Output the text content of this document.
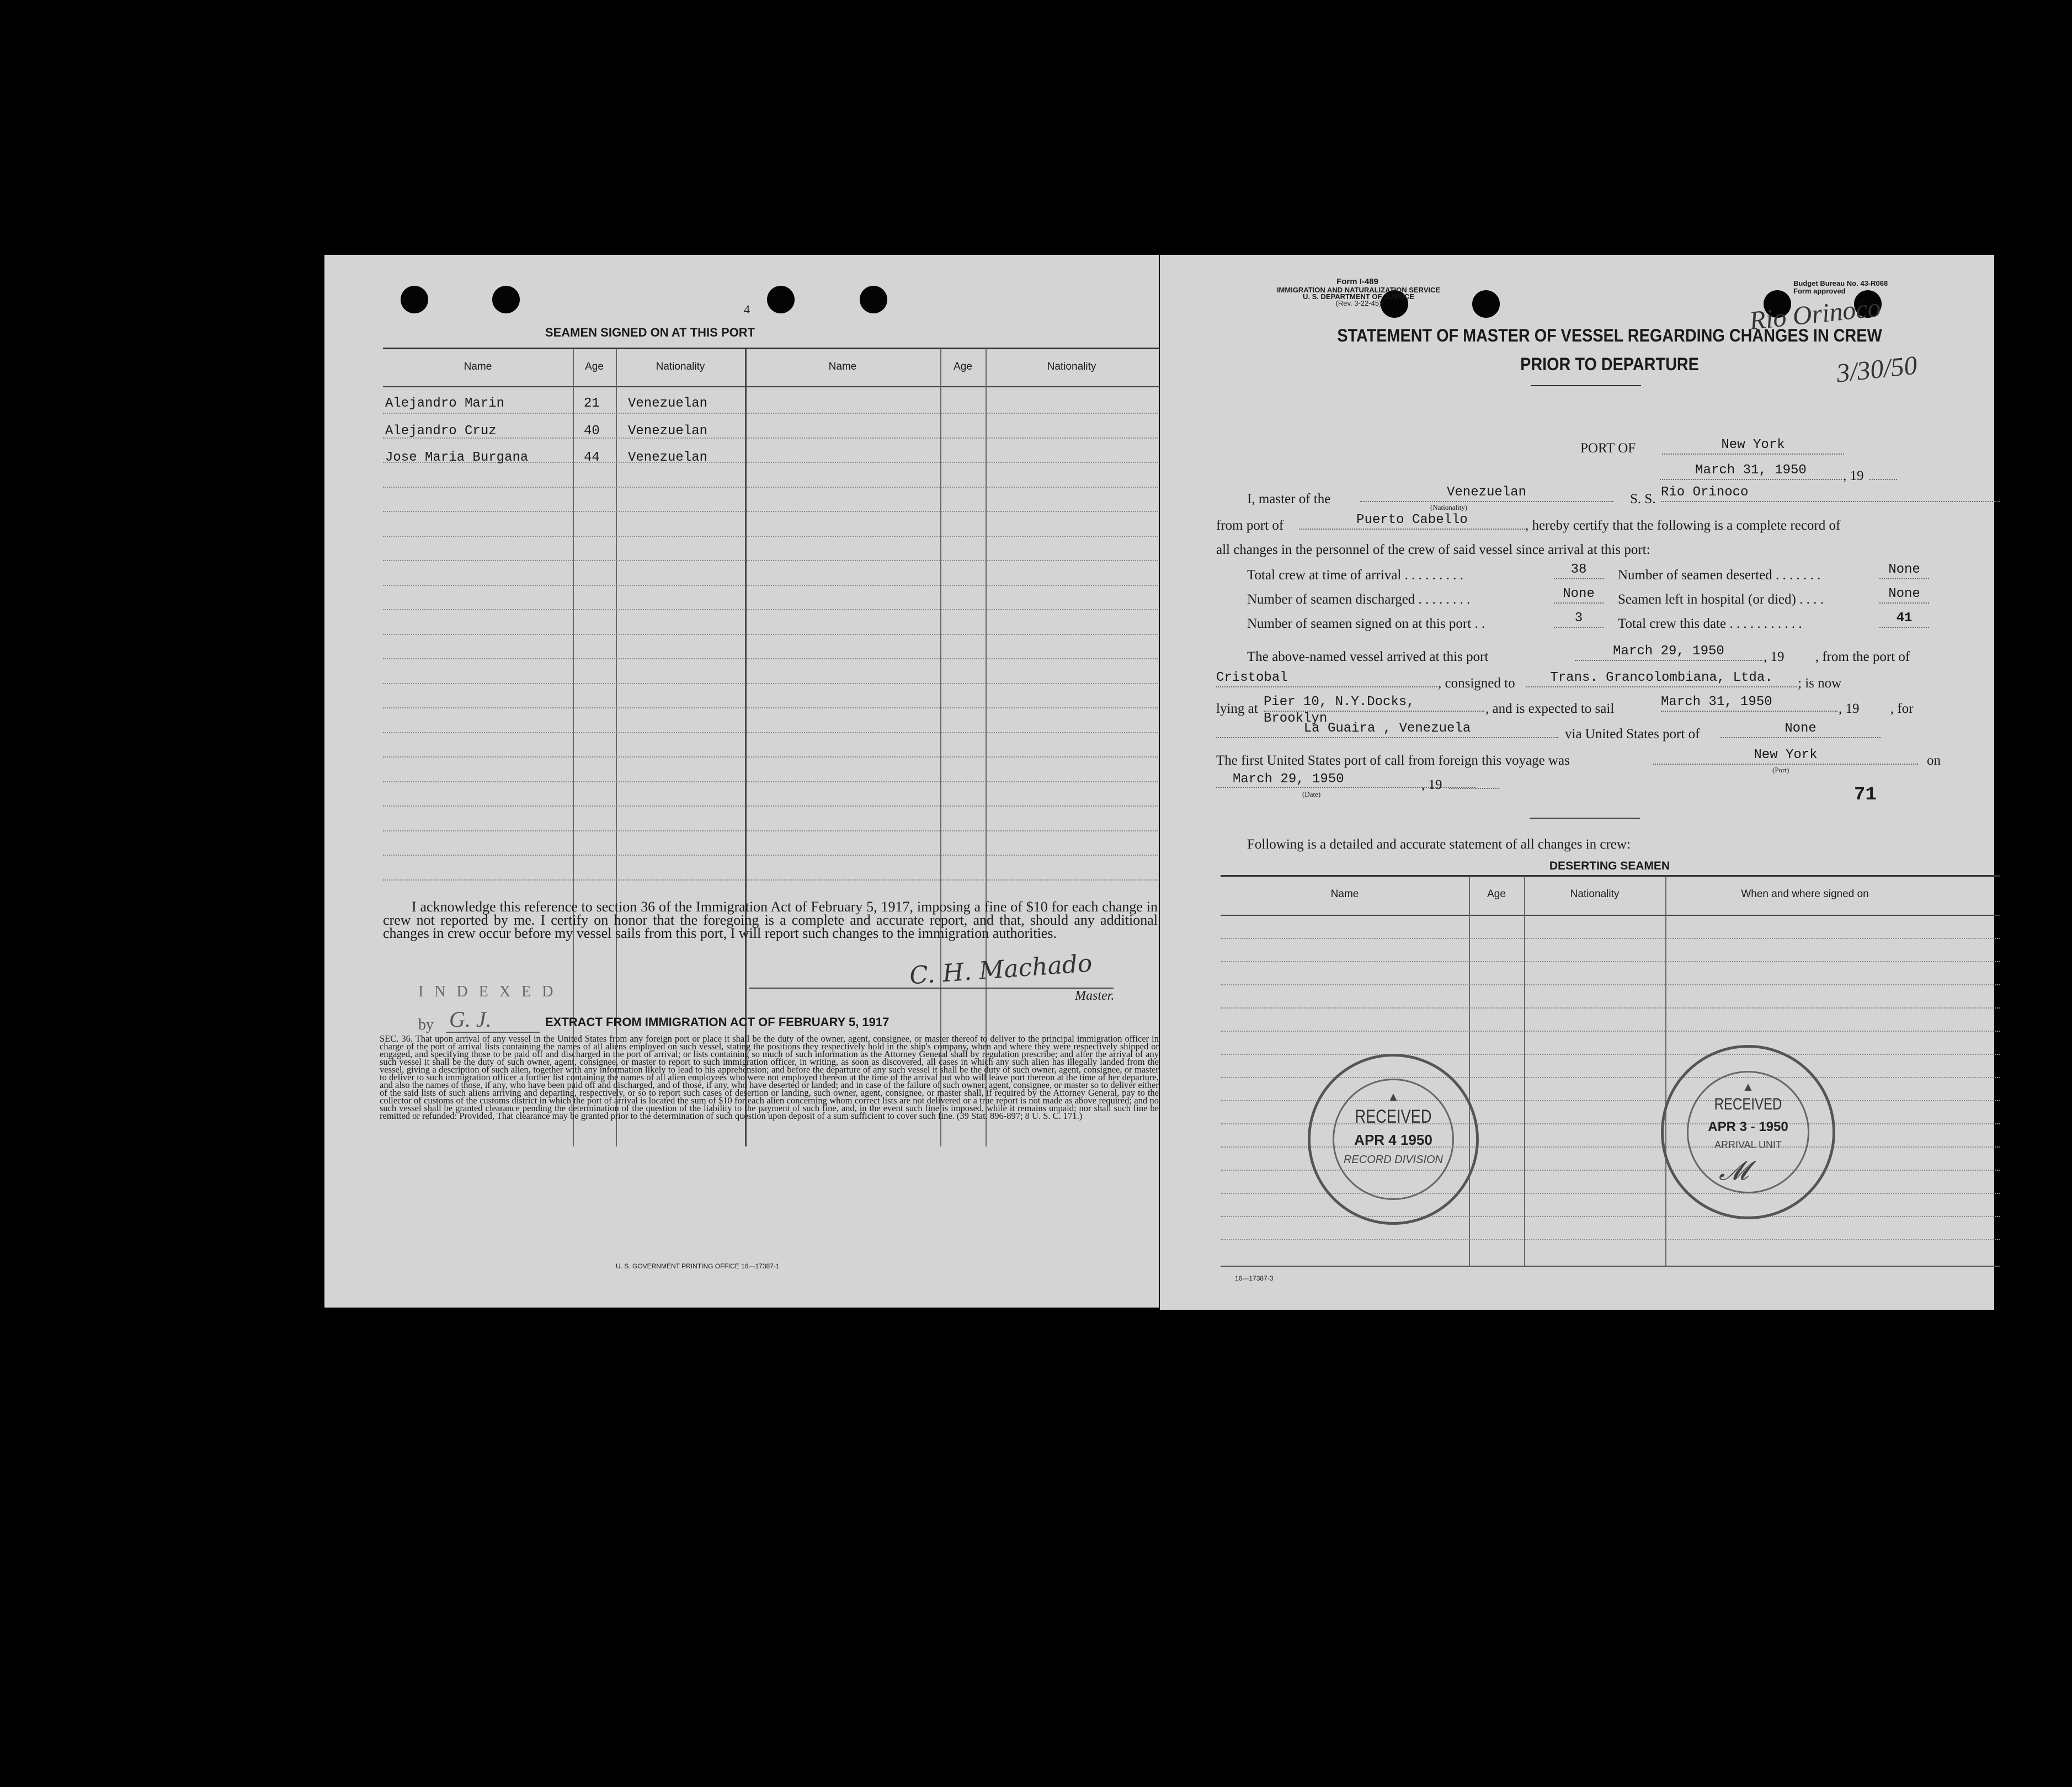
4
SEAMEN SIGNED ON AT THIS PORT
Name	Age	Nationality	Name	Age	Nationality
Alejandro Marin	21 Venezuelan
Alejandro Cruz	40 Venezuelan
Jose Maria Burgana	44 Venezuelan
I acknowledge this reference to section 36 of the Immigration Act of February 5, 1917, imposing a fine of $10 for each change in crew not reported by me. I certify on honor that the foregoing is a complete and accurate report, and that, should any additional changes in crew occur before my vessel sails from this port, I will report such changes to the immigration authorities.
C. H. Machado
Master.
INDEXED
by G. J.	EXTRACT FROM IMMIGRATION ACT OF FEBRUARY 5, 1917
SEC. 36. That upon arrival of any vessel in the United States from any foreign port or place it shall be the duty of the owner, agent, consignee, or master thereof to deliver to the principal immigration officer in charge of the port of arrival lists containing the names of all aliens employed on such vessel, stating the positions they respectively hold in the ship's company, when and where they were respectively shipped or engaged, and specifying those to be paid off and discharged in the port of arrival; or lists containing so much of such information as the Attorney General shall by regulation prescribe; and after the arrival of any such vessel it shall be the duty of such owner, agent, consignee, or master to report to such immigration officer, in writing, as soon as discovered, all cases in which any such alien has illegally landed from the vessel, giving a description of such alien, together with any information likely to lead to his apprehension; and before the departure of any such vessel it shall be the duty of such owner, agent, consignee, or master to deliver to such immigration officer a further list containing the names of all alien employees who were not employed thereon at the time of the arrival but who will leave port thereon at the time of her departure, and also the names of those, if any, who have been paid off and discharged, and of those, if any, who have deserted or landed; and in case of the failure of such owner, agent, consignee, or master so to deliver either of the said lists of such aliens arriving and departing, respectively, or so to report such cases of desertion or landing, such owner, agent, consignee, or master shall, if required by the Attorney General, pay to the collector of customs of the customs district in which the port of arrival is located the sum of $10 for each alien concerning whom correct lists are not delivered or a true report is not made as above required; and no such vessel shall be granted clearance pending the determination of the question of the liability to the payment of such fine, and, in the event such fine is imposed, while it remains unpaid; nor shall such fine be remitted or refunded: Provided, That clearance may be granted prior to the determination of such question upon deposit of a sum sufficient to cover such fine. (39 Stat. 896-897; 8 U. S. C. 171.)
U. S. GOVERNMENT PRINTING OFFICE 16—17387-1
Form I-489
IMMIGRATION AND NATURALIZATION SERVICE
U. S. DEPARTMENT OF JUSTICE
(Rev. 3-22-45)
Budget Bureau No. 43-R068
Form approved
Rio Orinoco
3/30/50
STATEMENT OF MASTER OF VESSEL REGARDING CHANGES IN CREW
PRIOR TO DEPARTURE
PORT OF	New York
March 31, 1950	, 19
I, master of the	Venezuelan
(Nationality)
S. S. Rio Orinoco
from port of	Puerto Cabello	, hereby certify that the following is a complete record of
all changes in the personnel of the crew of said vessel since arrival at this port:
Total crew at time of arrival . . . . . . . . .	38	Number of seamen deserted . . . . . . .	None
Number of seamen discharged . . . . . . . .	None	Seamen left in hospital (or died) . . . .	None
Number of seamen signed on at this port . .	3	Total crew this date . . . . . . . . . . .	41
The above-named vessel arrived at this port	March 29, 1950	, 19         , from the port of
Cristobal	, consigned to	Trans. Grancolombiana, Ltda.	; is now
lying at Pier 10, N.Y.Docks, Brooklyn
, and is expected to sail	March 31, 1950	, 19         , for
La Guaira , Venezuela	via United States port of	None
The first United States port of call from foreign this voyage was	New York
(Port)
on
March 29, 1950
(Date)
, 19	71
Following is a detailed and accurate statement of all changes in crew:
DESERTING SEAMEN
Name	Age	Nationality	When and where signed on
▲
RECEIVED
APR 4 1950
RECORD DIVISION
▲
RECEIVED
APR 3 - 1950
ARRIVAL UNIT
𝓜
16—17387-3
